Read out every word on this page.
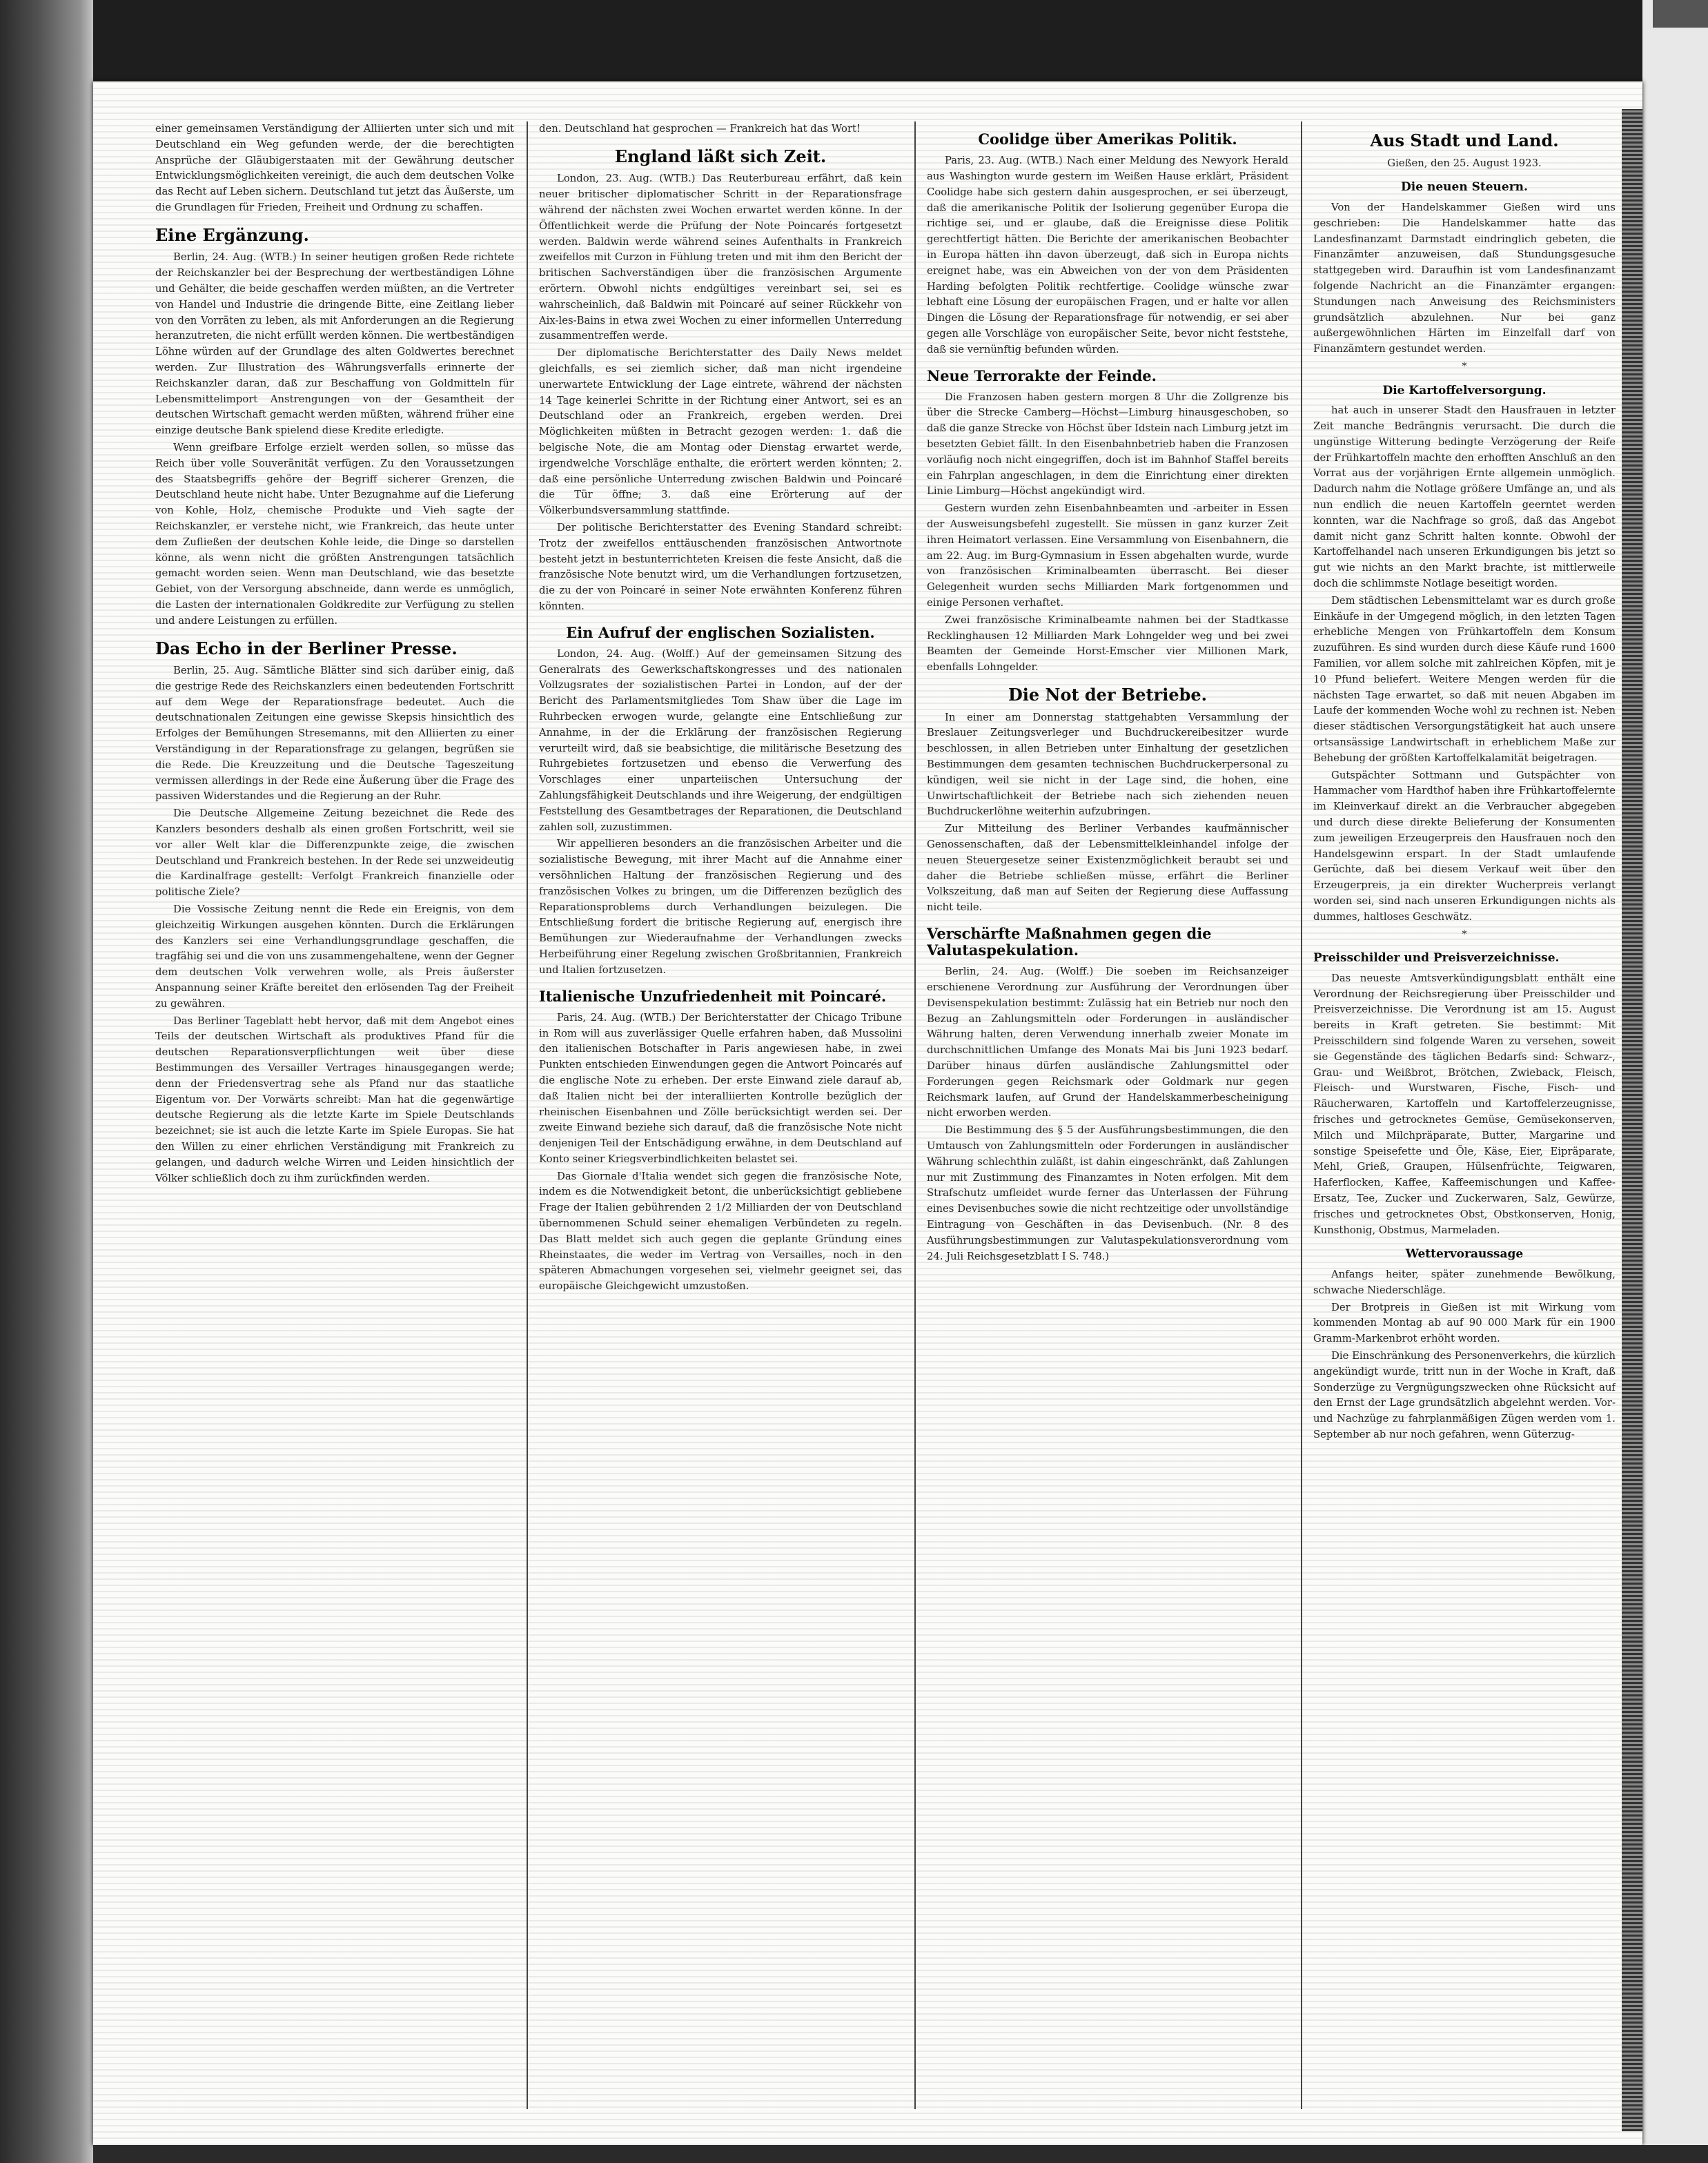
einer gemeinsamen Verständigung der Alliierten unter sich und mit Deutschland ein Weg gefunden werde, der die berechtigten Ansprüche der Gläubigerstaaten mit der Gewährung deutscher Entwicklungsmöglichkeiten vereinigt, die auch dem deutschen Volke das Recht auf Leben sichern. Deutschland tut jetzt das Äußerste, um die Grundlagen für Frieden, Freiheit und Ordnung zu schaffen.

Eine Ergänzung.

Berlin, 24. Aug. (WTB.) In seiner heutigen großen Rede richtete der Reichskanzler bei der Besprechung der wertbeständigen Löhne und Gehälter, die beide geschaffen werden müßten, an die Vertreter von Handel und Industrie die dringende Bitte, eine Zeitlang lieber von den Vorräten zu leben, als mit Anforderungen an die Regierung heranzutreten, die nicht erfüllt werden können. Die wertbeständigen Löhne würden auf der Grundlage des alten Goldwertes berechnet werden. Zur Illustration des Währungsverfalls erinnerte der Reichskanzler daran, daß zur Beschaffung von Goldmitteln für Lebensmittelimport Anstrengungen von der Gesamtheit der deutschen Wirtschaft gemacht werden müßten, während früher eine einzige deutsche Bank spielend diese Kredite erledigte.

Wenn greifbare Erfolge erzielt werden sollen, so müsse das Reich über volle Souveränität verfügen. Zu den Voraussetzungen des Staatsbegriffs gehöre der Begriff sicherer Grenzen, die Deutschland heute nicht habe. Unter Bezugnahme auf die Lieferung von Kohle, Holz, chemische Produkte und Vieh sagte der Reichskanzler, er verstehe nicht, wie Frankreich, das heute unter dem Zufließen der deutschen Kohle leide, die Dinge so darstellen könne, als wenn nicht die größten Anstrengungen tatsächlich gemacht worden seien. Wenn man Deutschland, wie das besetzte Gebiet, von der Versorgung abschneide, dann werde es unmöglich, die Lasten der internationalen Goldkredite zur Verfügung zu stellen und andere Leistungen zu erfüllen.

Das Echo in der Berliner Presse.

Berlin, 25. Aug. Sämtliche Blätter sind sich darüber einig, daß die gestrige Rede des Reichskanzlers einen bedeutenden Fortschritt auf dem Wege der Reparationsfrage bedeutet. Auch die deutschnationalen Zeitungen eine gewisse Skepsis hinsichtlich des Erfolges der Bemühungen Stresemanns, mit den Alliierten zu einer Verständigung in der Reparationsfrage zu gelangen, begrüßen sie die Rede. Die Kreuzzeitung und die Deutsche Tageszeitung vermissen allerdings in der Rede eine Äußerung über die Frage des passiven Widerstandes und die Regierung an der Ruhr.

Die Deutsche Allgemeine Zeitung bezeichnet die Rede des Kanzlers besonders deshalb als einen großen Fortschritt, weil sie vor aller Welt klar die Differenzpunkte zeige, die zwischen Deutschland und Frankreich bestehen. In der Rede sei unzweideutig die Kardinalfrage gestellt: Verfolgt Frankreich finanzielle oder politische Ziele?

Die Vossische Zeitung nennt die Rede ein Ereignis, von dem gleichzeitig Wirkungen ausgehen könnten. Durch die Erklärungen des Kanzlers sei eine Verhandlungsgrundlage geschaffen, die tragfähig sei und die von uns zusammengehaltene, wenn der Gegner dem deutschen Volk verwehren wolle, als Preis äußerster Anspannung seiner Kräfte bereitet den erlösenden Tag der Freiheit zu gewähren.

Das Berliner Tageblatt hebt hervor, daß mit dem Angebot eines Teils der deutschen Wirtschaft als produktives Pfand für die deutschen Reparationsverpflichtungen weit über diese Bestimmungen des Versailler Vertrages hinausgegangen werde; denn der Friedensvertrag sehe als Pfand nur das staatliche Eigentum vor. Der Vorwärts schreibt: Man hat die gegenwärtige deutsche Regierung als die letzte Karte im Spiele Deutschlands bezeichnet; sie ist auch die letzte Karte im Spiele Europas. Sie hat den Willen zu einer ehrlichen Verständigung mit Frankreich zu gelangen, und dadurch welche Wirren und Leiden hinsichtlich der Völker schließlich doch zu ihm zurückfinden werden.

den. Deutschland hat gesprochen — Frankreich hat das Wort!

England läßt sich Zeit.

London, 23. Aug. (WTB.) Das Reuterbureau erfährt, daß kein neuer britischer diplomatischer Schritt in der Reparationsfrage während der nächsten zwei Wochen erwartet werden könne. In der Öffentlichkeit werde die Prüfung der Note Poincarés fortgesetzt werden. Baldwin werde während seines Aufenthalts in Frankreich zweifellos mit Curzon in Fühlung treten und mit ihm den Bericht der britischen Sachverständigen über die französischen Argumente erörtern. Obwohl nichts endgültiges vereinbart sei, sei es wahrscheinlich, daß Baldwin mit Poincaré auf seiner Rückkehr von Aix-les-Bains in etwa zwei Wochen zu einer informellen Unterredung zusammentreffen werde.

Der diplomatische Berichterstatter des Daily News meldet gleichfalls, es sei ziemlich sicher, daß man nicht irgendeine unerwartete Entwicklung der Lage eintrete, während der nächsten 14 Tage keinerlei Schritte in der Richtung einer Antwort, sei es an Deutschland oder an Frankreich, ergeben werden. Drei Möglichkeiten müßten in Betracht gezogen werden: 1. daß die belgische Note, die am Montag oder Dienstag erwartet werde, irgendwelche Vorschläge enthalte, die erörtert werden könnten; 2. daß eine persönliche Unterredung zwischen Baldwin und Poincaré die Tür öffne; 3. daß eine Erörterung auf der Völkerbundsversammlung stattfinde.

Der politische Berichterstatter des Evening Standard schreibt: Trotz der zweifellos enttäuschenden französischen Antwortnote besteht jetzt in bestunterrichteten Kreisen die feste Ansicht, daß die französische Note benutzt wird, um die Verhandlungen fortzusetzen, die zu der von Poincaré in seiner Note erwähnten Konferenz führen könnten.

Ein Aufruf der englischen Sozialisten.

London, 24. Aug. (Wolff.) Auf der gemeinsamen Sitzung des Generalrats des Gewerkschaftskongresses und des nationalen Vollzugsrates der sozialistischen Partei in London, auf der der Bericht des Parlamentsmitgliedes Tom Shaw über die Lage im Ruhrbecken erwogen wurde, gelangte eine Entschließung zur Annahme, in der die Erklärung der französischen Regierung verurteilt wird, daß sie beabsichtige, die militärische Besetzung des Ruhrgebietes fortzusetzen und ebenso die Verwerfung des Vorschlages einer unparteiischen Untersuchung der Zahlungsfähigkeit Deutschlands und ihre Weigerung, der endgültigen Feststellung des Gesamtbetrages der Reparationen, die Deutschland zahlen soll, zuzustimmen.

Wir appellieren besonders an die französischen Arbeiter und die sozialistische Bewegung, mit ihrer Macht auf die Annahme einer versöhnlichen Haltung der französischen Regierung und des französischen Volkes zu bringen, um die Differenzen bezüglich des Reparationsproblems durch Verhandlungen beizulegen. Die Entschließung fordert die britische Regierung auf, energisch ihre Bemühungen zur Wiederaufnahme der Verhandlungen zwecks Herbeiführung einer Regelung zwischen Großbritannien, Frankreich und Italien fortzusetzen.

Italienische Unzufriedenheit mit Poincaré.

Paris, 24. Aug. (WTB.) Der Berichterstatter der Chicago Tribune in Rom will aus zuverlässiger Quelle erfahren haben, daß Mussolini den italienischen Botschafter in Paris angewiesen habe, in zwei Punkten entschieden Einwendungen gegen die Antwort Poincarés auf die englische Note zu erheben. Der erste Einwand ziele darauf ab, daß Italien nicht bei der interalliierten Kontrolle bezüglich der rheinischen Eisenbahnen und Zölle berücksichtigt werden sei. Der zweite Einwand beziehe sich darauf, daß die französische Note nicht denjenigen Teil der Entschädigung erwähne, in dem Deutschland auf Konto seiner Kriegsverbindlichkeiten belastet sei.

Das Giornale d'Italia wendet sich gegen die französische Note, indem es die Notwendigkeit betont, die unberücksichtigt gebliebene Frage der Italien gebührenden 2 1/2 Milliarden der von Deutschland übernommenen Schuld seiner ehemaligen Verbündeten zu regeln. Das Blatt meldet sich auch gegen die geplante Gründung eines Rheinstaates, die weder im Vertrag von Versailles, noch in den späteren Abmachungen vorgesehen sei, vielmehr geeignet sei, das europäische Gleichgewicht umzustoßen.

Coolidge über Amerikas Politik.

Paris, 23. Aug. (WTB.) Nach einer Meldung des Newyork Herald aus Washington wurde gestern im Weißen Hause erklärt, Präsident Coolidge habe sich gestern dahin ausgesprochen, er sei überzeugt, daß die amerikanische Politik der Isolierung gegenüber Europa die richtige sei, und er glaube, daß die Ereignisse diese Politik gerechtfertigt hätten. Die Berichte der amerikanischen Beobachter in Europa hätten ihn davon überzeugt, daß sich in Europa nichts ereignet habe, was ein Abweichen von der von dem Präsidenten Harding befolgten Politik rechtfertige. Coolidge wünsche zwar lebhaft eine Lösung der europäischen Fragen, und er halte vor allen Dingen die Lösung der Reparationsfrage für notwendig, er sei aber gegen alle Vorschläge von europäischer Seite, bevor nicht feststehe, daß sie vernünftig befunden würden.

Neue Terrorakte der Feinde.

Die Franzosen haben gestern morgen 8 Uhr die Zollgrenze bis über die Strecke Camberg—Höchst—Limburg hinausgeschoben, so daß die ganze Strecke von Höchst über Idstein nach Limburg jetzt im besetzten Gebiet fällt. In den Eisenbahnbetrieb haben die Franzosen vorläufig noch nicht eingegriffen, doch ist im Bahnhof Staffel bereits ein Fahrplan angeschlagen, in dem die Einrichtung einer direkten Linie Limburg—Höchst angekündigt wird.

Gestern wurden zehn Eisenbahnbeamten und -arbeiter in Essen der Ausweisungsbefehl zugestellt. Sie müssen in ganz kurzer Zeit ihren Heimatort verlassen. Eine Versammlung von Eisenbahnern, die am 22. Aug. im Burg-Gymnasium in Essen abgehalten wurde, wurde von französischen Kriminalbeamten überrascht. Bei dieser Gelegenheit wurden sechs Milliarden Mark fortgenommen und einige Personen verhaftet.

Zwei französische Kriminalbeamte nahmen bei der Stadtkasse Recklinghausen 12 Milliarden Mark Lohngelder weg und bei zwei Beamten der Gemeinde Horst-Emscher vier Millionen Mark, ebenfalls Lohngelder.

Die Not der Betriebe.

In einer am Donnerstag stattgehabten Versammlung der Breslauer Zeitungsverleger und Buchdruckereibesitzer wurde beschlossen, in allen Betrieben unter Einhaltung der gesetzlichen Bestimmungen dem gesamten technischen Buchdruckerpersonal zu kündigen, weil sie nicht in der Lage sind, die hohen, eine Unwirtschaftlichkeit der Betriebe nach sich ziehenden neuen Buchdruckerlöhne weiterhin aufzubringen.

Zur Mitteilung des Berliner Verbandes kaufmännischer Genossenschaften, daß der Lebensmittelkleinhandel infolge der neuen Steuergesetze seiner Existenzmöglichkeit beraubt sei und daher die Betriebe schließen müsse, erfährt die Berliner Volkszeitung, daß man auf Seiten der Regierung diese Auffassung nicht teile.

Verschärfte Maßnahmen gegen die Valutaspekulation.

Berlin, 24. Aug. (Wolff.) Die soeben im Reichsanzeiger erschienene Verordnung zur Ausführung der Verordnungen über Devisenspekulation bestimmt: Zulässig hat ein Betrieb nur noch den Bezug an Zahlungsmitteln oder Forderungen in ausländischer Währung halten, deren Verwendung innerhalb zweier Monate im durchschnittlichen Umfange des Monats Mai bis Juni 1923 bedarf. Darüber hinaus dürfen ausländische Zahlungsmittel oder Forderungen gegen Reichsmark oder Goldmark nur gegen Reichsmark laufen, auf Grund der Handelskammerbescheinigung nicht erworben werden.

Die Bestimmung des § 5 der Ausführungsbestimmungen, die den Umtausch von Zahlungsmitteln oder Forderungen in ausländischer Währung schlechthin zuläßt, ist dahin eingeschränkt, daß Zahlungen nur mit Zustimmung des Finanzamtes in Noten erfolgen. Mit dem Strafschutz umfleidet wurde ferner das Unterlassen der Führung eines Devisenbuches sowie die nicht rechtzeitige oder unvollständige Eintragung von Geschäften in das Devisenbuch. (Nr. 8 des Ausführungsbestimmungen zur Valutaspekulationsverordnung vom 24. Juli Reichsgesetzblatt I S. 748.)

Aus Stadt und Land.

Gießen, den 25. August 1923.

Die neuen Steuern.

Von der Handelskammer Gießen wird uns geschrieben: Die Handelskammer hatte das Landesfinanzamt Darmstadt eindringlich gebeten, die Finanzämter anzuweisen, daß Stundungsgesuche stattgegeben wird. Daraufhin ist vom Landesfinanzamt folgende Nachricht an die Finanzämter ergangen: Stundungen nach Anweisung des Reichsministers grundsätzlich abzulehnen. Nur bei ganz außergewöhnlichen Härten im Einzelfall darf von Finanzämtern gestundet werden.

*

Die Kartoffelversorgung.

hat auch in unserer Stadt den Hausfrauen in letzter Zeit manche Bedrängnis verursacht. Die durch die ungünstige Witterung bedingte Verzögerung der Reife der Frühkartoffeln machte den erhofften Anschluß an den Vorrat aus der vorjährigen Ernte allgemein unmöglich. Dadurch nahm die Notlage größere Umfänge an, und als nun endlich die neuen Kartoffeln geerntet werden konnten, war die Nachfrage so groß, daß das Angebot damit nicht ganz Schritt halten konnte. Obwohl der Kartoffelhandel nach unseren Erkundigungen bis jetzt so gut wie nichts an den Markt brachte, ist mittlerweile doch die schlimmste Notlage beseitigt worden.

Dem städtischen Lebensmittelamt war es durch große Einkäufe in der Umgegend möglich, in den letzten Tagen erhebliche Mengen von Frühkartoffeln dem Konsum zuzuführen. Es sind wurden durch diese Käufe rund 1600 Familien, vor allem solche mit zahlreichen Köpfen, mit je 10 Pfund beliefert. Weitere Mengen werden für die nächsten Tage erwartet, so daß mit neuen Abgaben im Laufe der kommenden Woche wohl zu rechnen ist. Neben dieser städtischen Versorgungstätigkeit hat auch unsere ortsansässige Landwirtschaft in erheblichem Maße zur Behebung der größten Kartoffelkalamität beigetragen.

Gutspächter Sottmann und Gutspächter von Hammacher vom Hardthof haben ihre Frühkartoffelernte im Kleinverkauf direkt an die Verbraucher abgegeben und durch diese direkte Belieferung der Konsumenten zum jeweiligen Erzeugerpreis den Hausfrauen noch den Handelsgewinn erspart. In der Stadt umlaufende Gerüchte, daß bei diesem Verkauf weit über den Erzeugerpreis, ja ein direkter Wucherpreis verlangt worden sei, sind nach unseren Erkundigungen nichts als dummes, haltloses Geschwätz.

*

Preisschilder und Preisverzeichnisse.

Das neueste Amtsverkündigungsblatt enthält eine Verordnung der Reichsregierung über Preisschilder und Preisverzeichnisse. Die Verordnung ist am 15. August bereits in Kraft getreten. Sie bestimmt: Mit Preisschildern sind folgende Waren zu versehen, soweit sie Gegenstände des täglichen Bedarfs sind: Schwarz-, Grau- und Weißbrot, Brötchen, Zwieback, Fleisch, Fleisch- und Wurstwaren, Fische, Fisch- und Räucherwaren, Kartoffeln und Kartoffelerzeugnisse, frisches und getrocknetes Gemüse, Gemüsekonserven, Milch und Milchpräparate, Butter, Margarine und sonstige Speisefette und Öle, Käse, Eier, Eipräparate, Mehl, Grieß, Graupen, Hülsenfrüchte, Teigwaren, Haferflocken, Kaffee, Kaffeemischungen und Kaffee-Ersatz, Tee, Zucker und Zuckerwaren, Salz, Gewürze, frisches und getrocknetes Obst, Obstkonserven, Honig, Kunsthonig, Obstmus, Marmeladen.

Wettervoraussage

Anfangs heiter, später zunehmende Bewölkung, schwache Niederschläge.

Der Brotpreis in Gießen ist mit Wirkung vom kommenden Montag ab auf 90 000 Mark für ein 1900 Gramm-Markenbrot erhöht worden.

Die Einschränkung des Personenverkehrs, die kürzlich angekündigt wurde, tritt nun in der Woche in Kraft, daß Sonderzüge zu Vergnügungszwecken ohne Rücksicht auf den Ernst der Lage grundsätzlich abgelehnt werden. Vor- und Nachzüge zu fahrplanmäßigen Zügen werden vom 1. September ab nur noch gefahren, wenn Güterzug-
